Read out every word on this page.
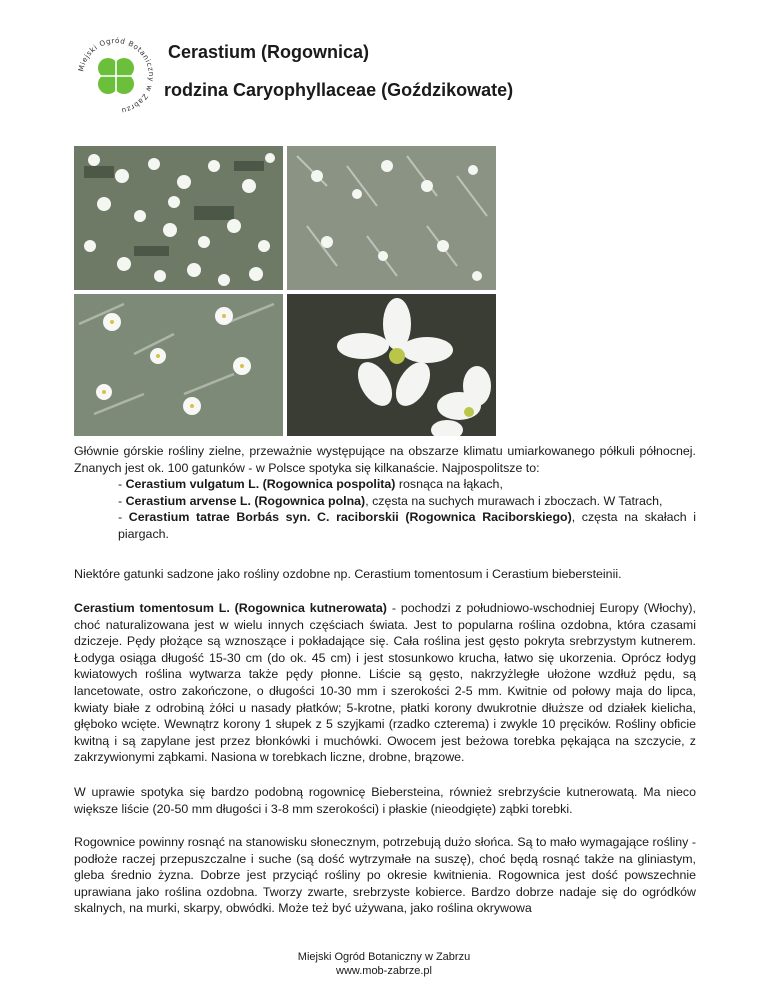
Miejski Ogród Botaniczny w Zabrzu
Cerastium (Rogownica)
rodzina Caryophyllaceae (Goździkowate)

Głównie górskie rośliny zielne, przeważnie występujące na obszarze klimatu umiarkowanego półkuli północnej. Znanych jest ok. 100 gatunków - w Polsce spotyka się kilkanaście. Najpospolitsze to:

- Cerastium vulgatum L. (Rogownica pospolita) rosnąca na łąkach,

- Cerastium arvense L. (Rogownica polna), częsta na suchych murawach i zboczach. W Tatrach,

- Cerastium tatrae Borbás syn. C. raciborskii (Rogownica Raciborskiego), częsta na skałach i piargach.

Niektóre gatunki sadzone jako rośliny ozdobne np. Cerastium tomentosum i Cerastium biebersteinii.
Cerastium tomentosum L. (Rogownica kutnerowata) - pochodzi z południowo-wschodniej Europy (Włochy), choć naturalizowana jest w wielu innych częściach świata. Jest to popularna roślina ozdobna, która czasami dziczeje. Pędy płożące są wznoszące i pokładające się. Cała roślina jest gęsto pokryta srebrzystym kutnerem. Łodyga osiąga długość 15-30 cm (do ok. 45 cm) i jest stosunkowo krucha, łatwo się ukorzenia. Oprócz łodyg kwiatowych roślina wytwarza także pędy płonne. Liście są gęsto, nakrzyżległe ułożone wzdłuż pędu, są lancetowate, ostro zakończone, o długości 10-30 mm i szerokości 2-5 mm. Kwitnie od połowy maja do lipca, kwiaty białe z odrobiną żółci u nasady płatków; 5-krotne, płatki korony dwukrotnie dłuższe od działek kielicha, głęboko wcięte. Wewnątrz korony 1 słupek z 5 szyjkami (rzadko czterema) i zwykle 10 pręcików. Rośliny obficie kwitną i są zapylane jest przez błonkówki i muchówki. Owocem jest beżowa torebka pękająca na szczycie, z zakrzywionymi ząbkami. Nasiona w torebkach liczne, drobne, brązowe.
W uprawie spotyka się bardzo podobną rogownicę Biebersteina, również srebrzyście kutnerowatą. Ma nieco większe liście (20-50 mm długości i 3-8 mm szerokości) i płaskie (nieodgięte) ząbki torebki.
Rogownice powinny rosnąć na stanowisku słonecznym, potrzebują dużo słońca. Są to mało wymagające rośliny - podłoże raczej przepuszczalne i suche (są dość wytrzymałe na suszę), choć będą rosnąć także na gliniastym, gleba średnio żyzna. Dobrze jest przyciąć rośliny po okresie kwitnienia. Rogownica jest dość powszechnie uprawiana jako roślina ozdobna. Tworzy zwarte, srebrzyste kobierce. Bardzo dobrze nadaje się do ogródków skalnych, na murki, skarpy, obwódki. Może też być używana, jako roślina okrywowa
Miejski Ogród Botaniczny w Zabrzu
www.mob-zabrze.pl
